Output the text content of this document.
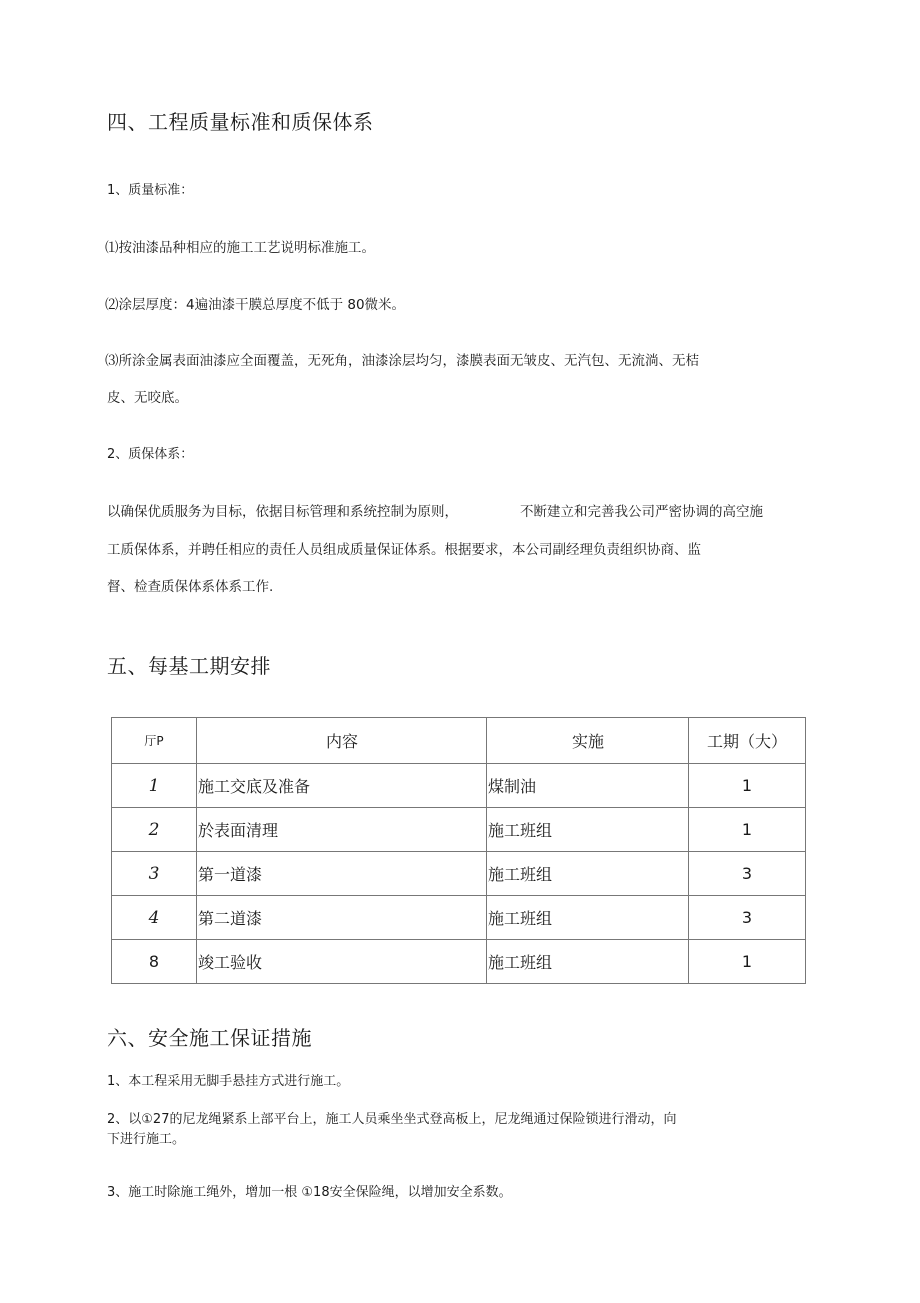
四、工程质量标准和质保体系
1、质量标准：
⑴按油漆品种相应的施工工艺说明标准施工。
⑵涂层厚度：4遍油漆干膜总厚度不低于 80微米。
⑶所涂金属表面油漆应全面覆盖，无死角，油漆涂层均匀，漆膜表面无皱皮、无汽包、无流淌、无桔
皮、无咬底。
2、质保体系：
以确保优质服务为目标，依据目标管理和系统控制为原则，	不断建立和完善我公司严密协调的高空施
工质保体系，并聘任相应的责任人员组成质量保证体系。根据要求，本公司副经理负责组织协商、监
督、检查质保体系体系工作.
五、每基工期安排
厅P	内容	实施	工期（大）
1	施工交底及准备	煤制油	1
2	於表面清理	施工班组	1
3	第一道漆	施工班组	3
4	第二道漆	施工班组	3
8	竣工验收	施工班组	1
六、安全施工保证措施
1、本工程采用无脚手悬挂方式进行施工。
2、以①27的尼龙绳紧系上部平台上，施工人员乘坐坐式登高板上，尼龙绳通过保险锁进行滑动，向
下进行施工。
3、施工时除施工绳外，增加一根 ①18安全保险绳，以增加安全系数。
